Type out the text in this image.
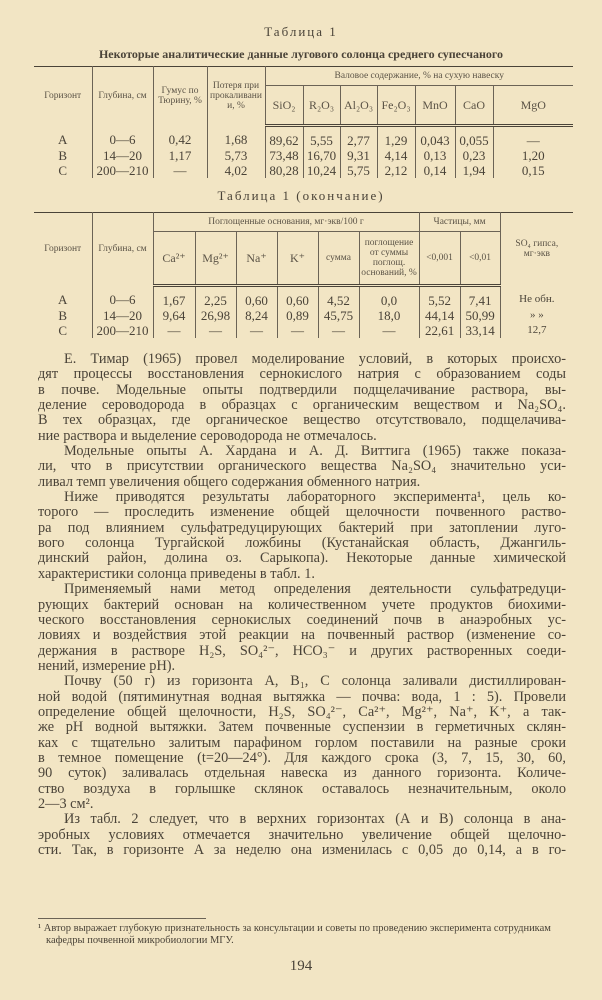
Таблица 1
Некоторые аналитические данные лугового солонца среднего супесчаного
Горизонт	Глубина, см	Гумус по Тюрину, %	Потеря при прокаливании, %	Валовое содержание, % на сухую навеску						
				SiO₂	R₂O₃	Al₂O₃	Fe₂O₃	MnO	CaO	MgO
А	0—6	0,42	1,68	89,62	5,55	2,77	1,29	0,043	0,055	—
В	14—20	1,17	5,73	73,48	16,70	9,31	4,14	0,13	0,23	1,20
С	200—210	—	4,02	80,28	10,24	5,75	2,12	0,14	1,94	0,15
Таблица 1 (окончание)
Горизонт	Глубина, см	Поглощенные основания, мг·экв/100 г						Частицы, мм		SO₄ гипса, мг·экв
		Ca²⁺	Mg²⁺	Na⁺	K⁺	сумма	поглощение от суммы поглощ. оснований, %	<0,001	<0,01	
А	0—6	1,67	2,25	0,60	0,60	4,52	0,0	5,52	7,41	Не обн.
В	14—20	9,64	26,98	8,24	0,89	45,75	18,0	44,14	50,99	» »
С	200—210	—	—	—	—	—	—	22,61	33,14	12,7
Е. Тимар (1965) провел моделирование условий, в которых происхо-
дят процессы восстановления сернокислого натрия с образованием соды
в почве. Модельные опыты подтвердили подщелачивание раствора, вы-
деление сероводорода в образцах с органическим веществом и Na₂SO₄.
В тех образцах, где органическое вещество отсутствовало, подщелачива-
ние раствора и выделение сероводорода не отмечалось.
Модельные опыты А. Хардана и А. Д. Виттига (1965) также показа-
ли, что в присутствии органического вещества Na₂SO₄ значительно уси-
ливал темп увеличения общего содержания обменного натрия.
Ниже приводятся результаты лабораторного эксперимента¹, цель ко-
торого — проследить изменение общей щелочности почвенного раство-
ра под влиянием сульфатредуцирующих бактерий при затоплении луго-
вого солонца Тургайской ложбины (Кустанайская область, Джангиль-
динский район, долина оз. Сарыкопа). Некоторые данные химической
характеристики солонца приведены в табл. 1.
Применяемый нами метод определения деятельности сульфатредуци-
рующих бактерий основан на количественном учете продуктов биохими-
ческого восстановления сернокислых соединений почв в анаэробных ус-
ловиях и воздействия этой реакции на почвенный раствор (изменение со-
держания в растворе H₂S, SO₄²⁻, HCO₃⁻ и других растворенных соеди-
нений, измерение pH).
Почву (50 г) из горизонта А, B₁, С солонца заливали дистиллирован-
ной водой (пятиминутная водная вытяжка — почва: вода, 1 : 5). Провели
определение общей щелочности, H₂S, SO₄²⁻, Ca²⁺, Mg²⁺, Na⁺, K⁺, а так-
же pH водной вытяжки. Затем почвенные суспензии в герметичных склян-
ках с тщательно залитым парафином горлом поставили на разные сроки
в темное помещение (t=20—24°). Для каждого срока (3, 7, 15, 30, 60,
90 суток) заливалась отдельная навеска из данного горизонта. Количе-
ство воздуха в горлышке склянок оставалось незначительным, около
2—3 см².
Из табл. 2 следует, что в верхних горизонтах (А и В) солонца в ана-
эробных условиях отмечается значительно увеличение общей щелочно-
сти. Так, в горизонте А за неделю она изменилась с 0,05 до 0,14, а в го-
¹ Автор выражает глубокую признательность за консультации и советы по проведению эксперимента сотрудникам кафедры почвенной микробиологии МГУ.
194
